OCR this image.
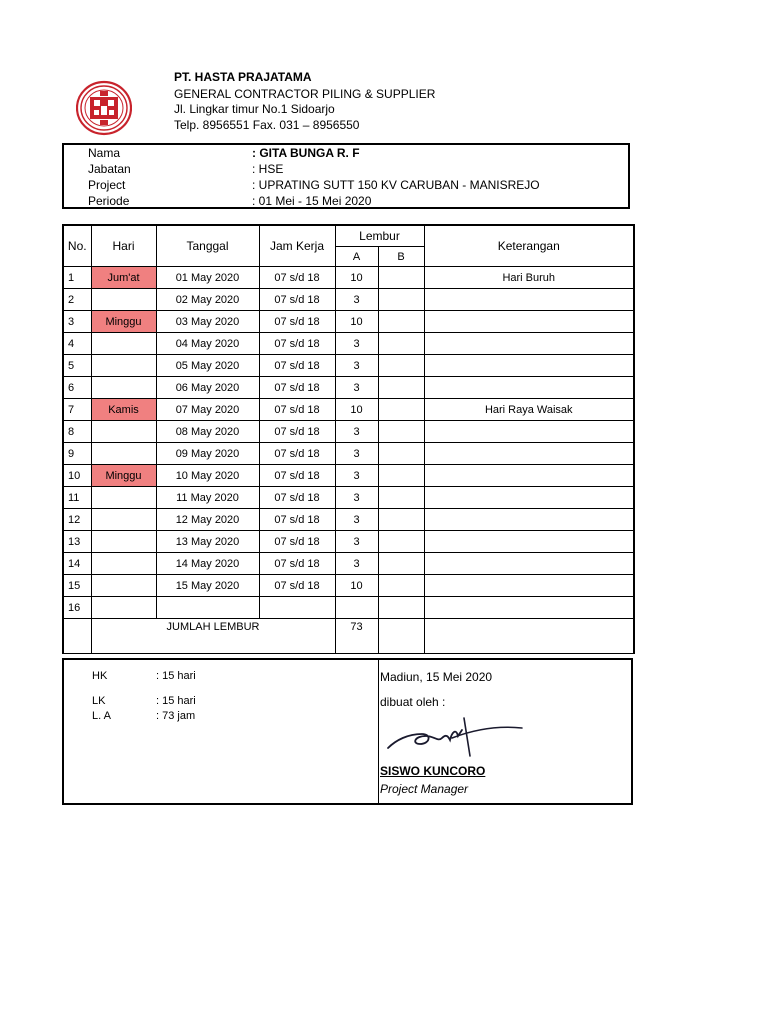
PT. HASTA PRAJATAMA
GENERAL CONTRACTOR PILING & SUPPLIER
Jl. Lingkar timur No.1 Sidoarjo
Telp. 8956551 Fax. 031 – 8956550
Nama	: GITA BUNGA R. F
Jabatan	: HSE
Project	: UPRATING SUTT 150 KV CARUBAN - MANISREJO
Periode	: 01 Mei - 15 Mei 2020
No.	Hari	Tanggal	Jam Kerja	Lembur		Keterangan
				A	B	
1	Jum'at	01 May 2020	07 s/d 18	10		Hari Buruh
2		02 May 2020	07 s/d 18	3		
3	Minggu	03 May 2020	07 s/d 18	10		
4		04 May 2020	07 s/d 18	3		
5		05 May 2020	07 s/d 18	3		
6		06 May 2020	07 s/d 18	3		
7	Kamis	07 May 2020	07 s/d 18	10		Hari Raya Waisak
8		08 May 2020	07 s/d 18	3		
9		09 May 2020	07 s/d 18	3		
10	Minggu	10 May 2020	07 s/d 18	3		
11		11 May 2020	07 s/d 18	3		
12		12 May 2020	07 s/d 18	3		
13		13 May 2020	07 s/d 18	3		
14		14 May 2020	07 s/d 18	3		
15		15 May 2020	07 s/d 18	10		
16						
	JUMLAH LEMBUR			73		
HK	: 15 hari
LK	: 15 hari
L. A	: 73 jam
Madiun, 15 Mei 2020
dibuat oleh :
SISWO KUNCORO
Project Manager
